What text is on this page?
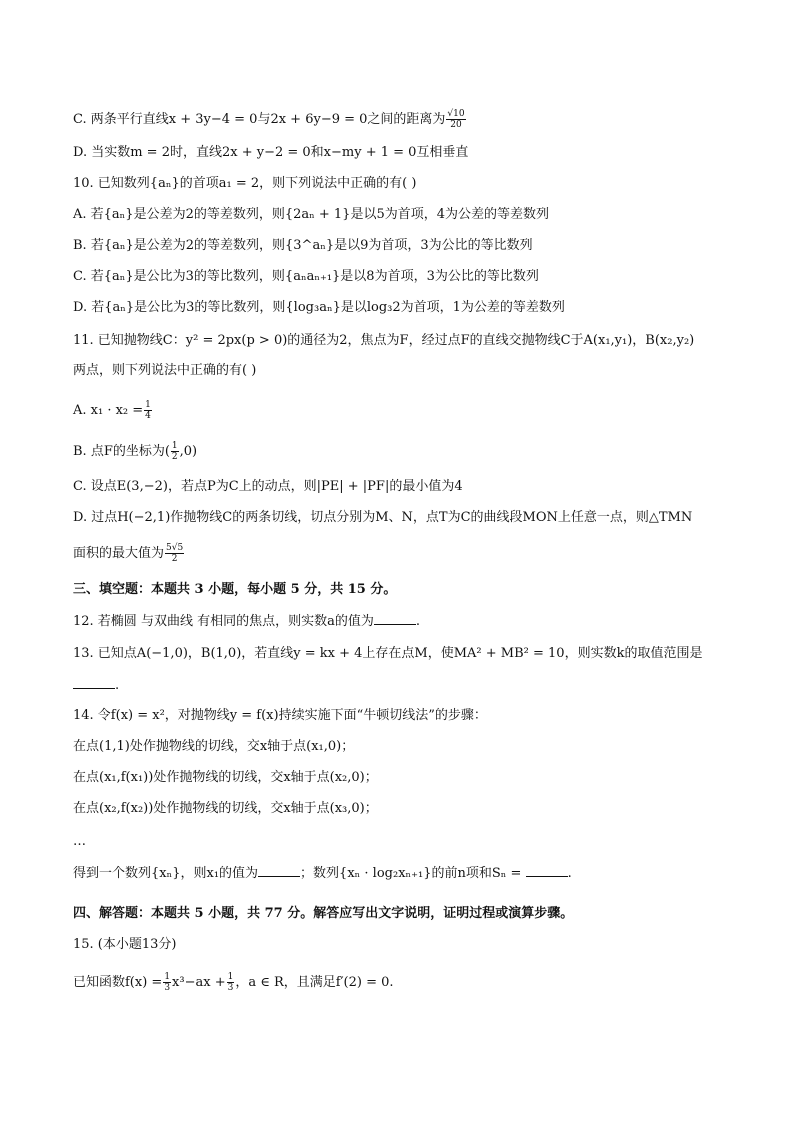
C. 两条平行直线x + 3y−4 = 0与2x + 6y−9 = 0之间的距离为 $\frac{√10}{20}$
D. 当实数m = 2时，直线2x + y−2 = 0和x−my + 1 = 0互相垂直
10. 已知数列{aₙ}的首项a₁ = 2，则下列说法中正确的有( )
A. 若{aₙ}是公差为2的等差数列，则{2aₙ + 1}是以5为首项，4为公差的等差数列
B. 若{aₙ}是公差为2的等差数列，则{3^aₙ}是以9为首项，3为公比的等比数列
C. 若{aₙ}是公比为3的等比数列，则{aₙaₙ₊₁}是以8为首项，3为公比的等比数列
D. 若{aₙ}是公比为3的等比数列，则{log₃aₙ}是以log₃2为首项，1为公差的等差数列
11. 已知抛物线C：y² = 2px(p > 0)的通径为2，焦点为F，经过点F的直线交抛物线C于A(x₁,y₁)，B(x₂,y₂)
两点，则下列说法中正确的有( )
A. $x_1 \cdot x_2 = \frac{1}{4}$
B. 点F的坐标为( $\frac{1}{2} ,0$)
C. 设点E(3,−2)，若点P为C上的动点，则|PE| + |PF|的最小值为4
D. 过点H(−2,1)作抛物线C的两条切线，切点分别为M、N，点T为C的曲线段MON上任意一点，则△TMN
面积的最大值为 $\frac{5√5}{2}$
三、填空题：本题共 3 小题，每小题 5 分，共 15 分。
12. 若椭圆 与双曲线 有相同的焦点，则实数a的值为	.
13. 已知点A(−1,0)，B(1,0)，若直线y = kx + 4上存在点M，使MA² + MB² = 10，则实数k的取值范围是
.
14. 令f(x) = x²，对抛物线y = f(x)持续实施下面“牛顿切线法”的步骤：
在点(1,1)处作抛物线的切线，交x轴于点(x₁,0)；
在点(x₁,f(x₁))处作抛物线的切线，交x轴于点(x₂,0)；
在点(x₂,f(x₂))处作抛物线的切线，交x轴于点(x₃,0)；
…
得到一个数列{xₙ}，则x₁的值为	；数列{xₙ · log₂xₙ₊₁}的前n项和Sₙ =	.
四、解答题：本题共 5 小题，共 77 分。解答应写出文字说明，证明过程或演算步骤。
15. (本小题13分)
已知函数$f(x) = \frac{1}{3} x^3-ax + \frac{1}{3}$ ，a ∈ R，且满足f′(2) = 0.
